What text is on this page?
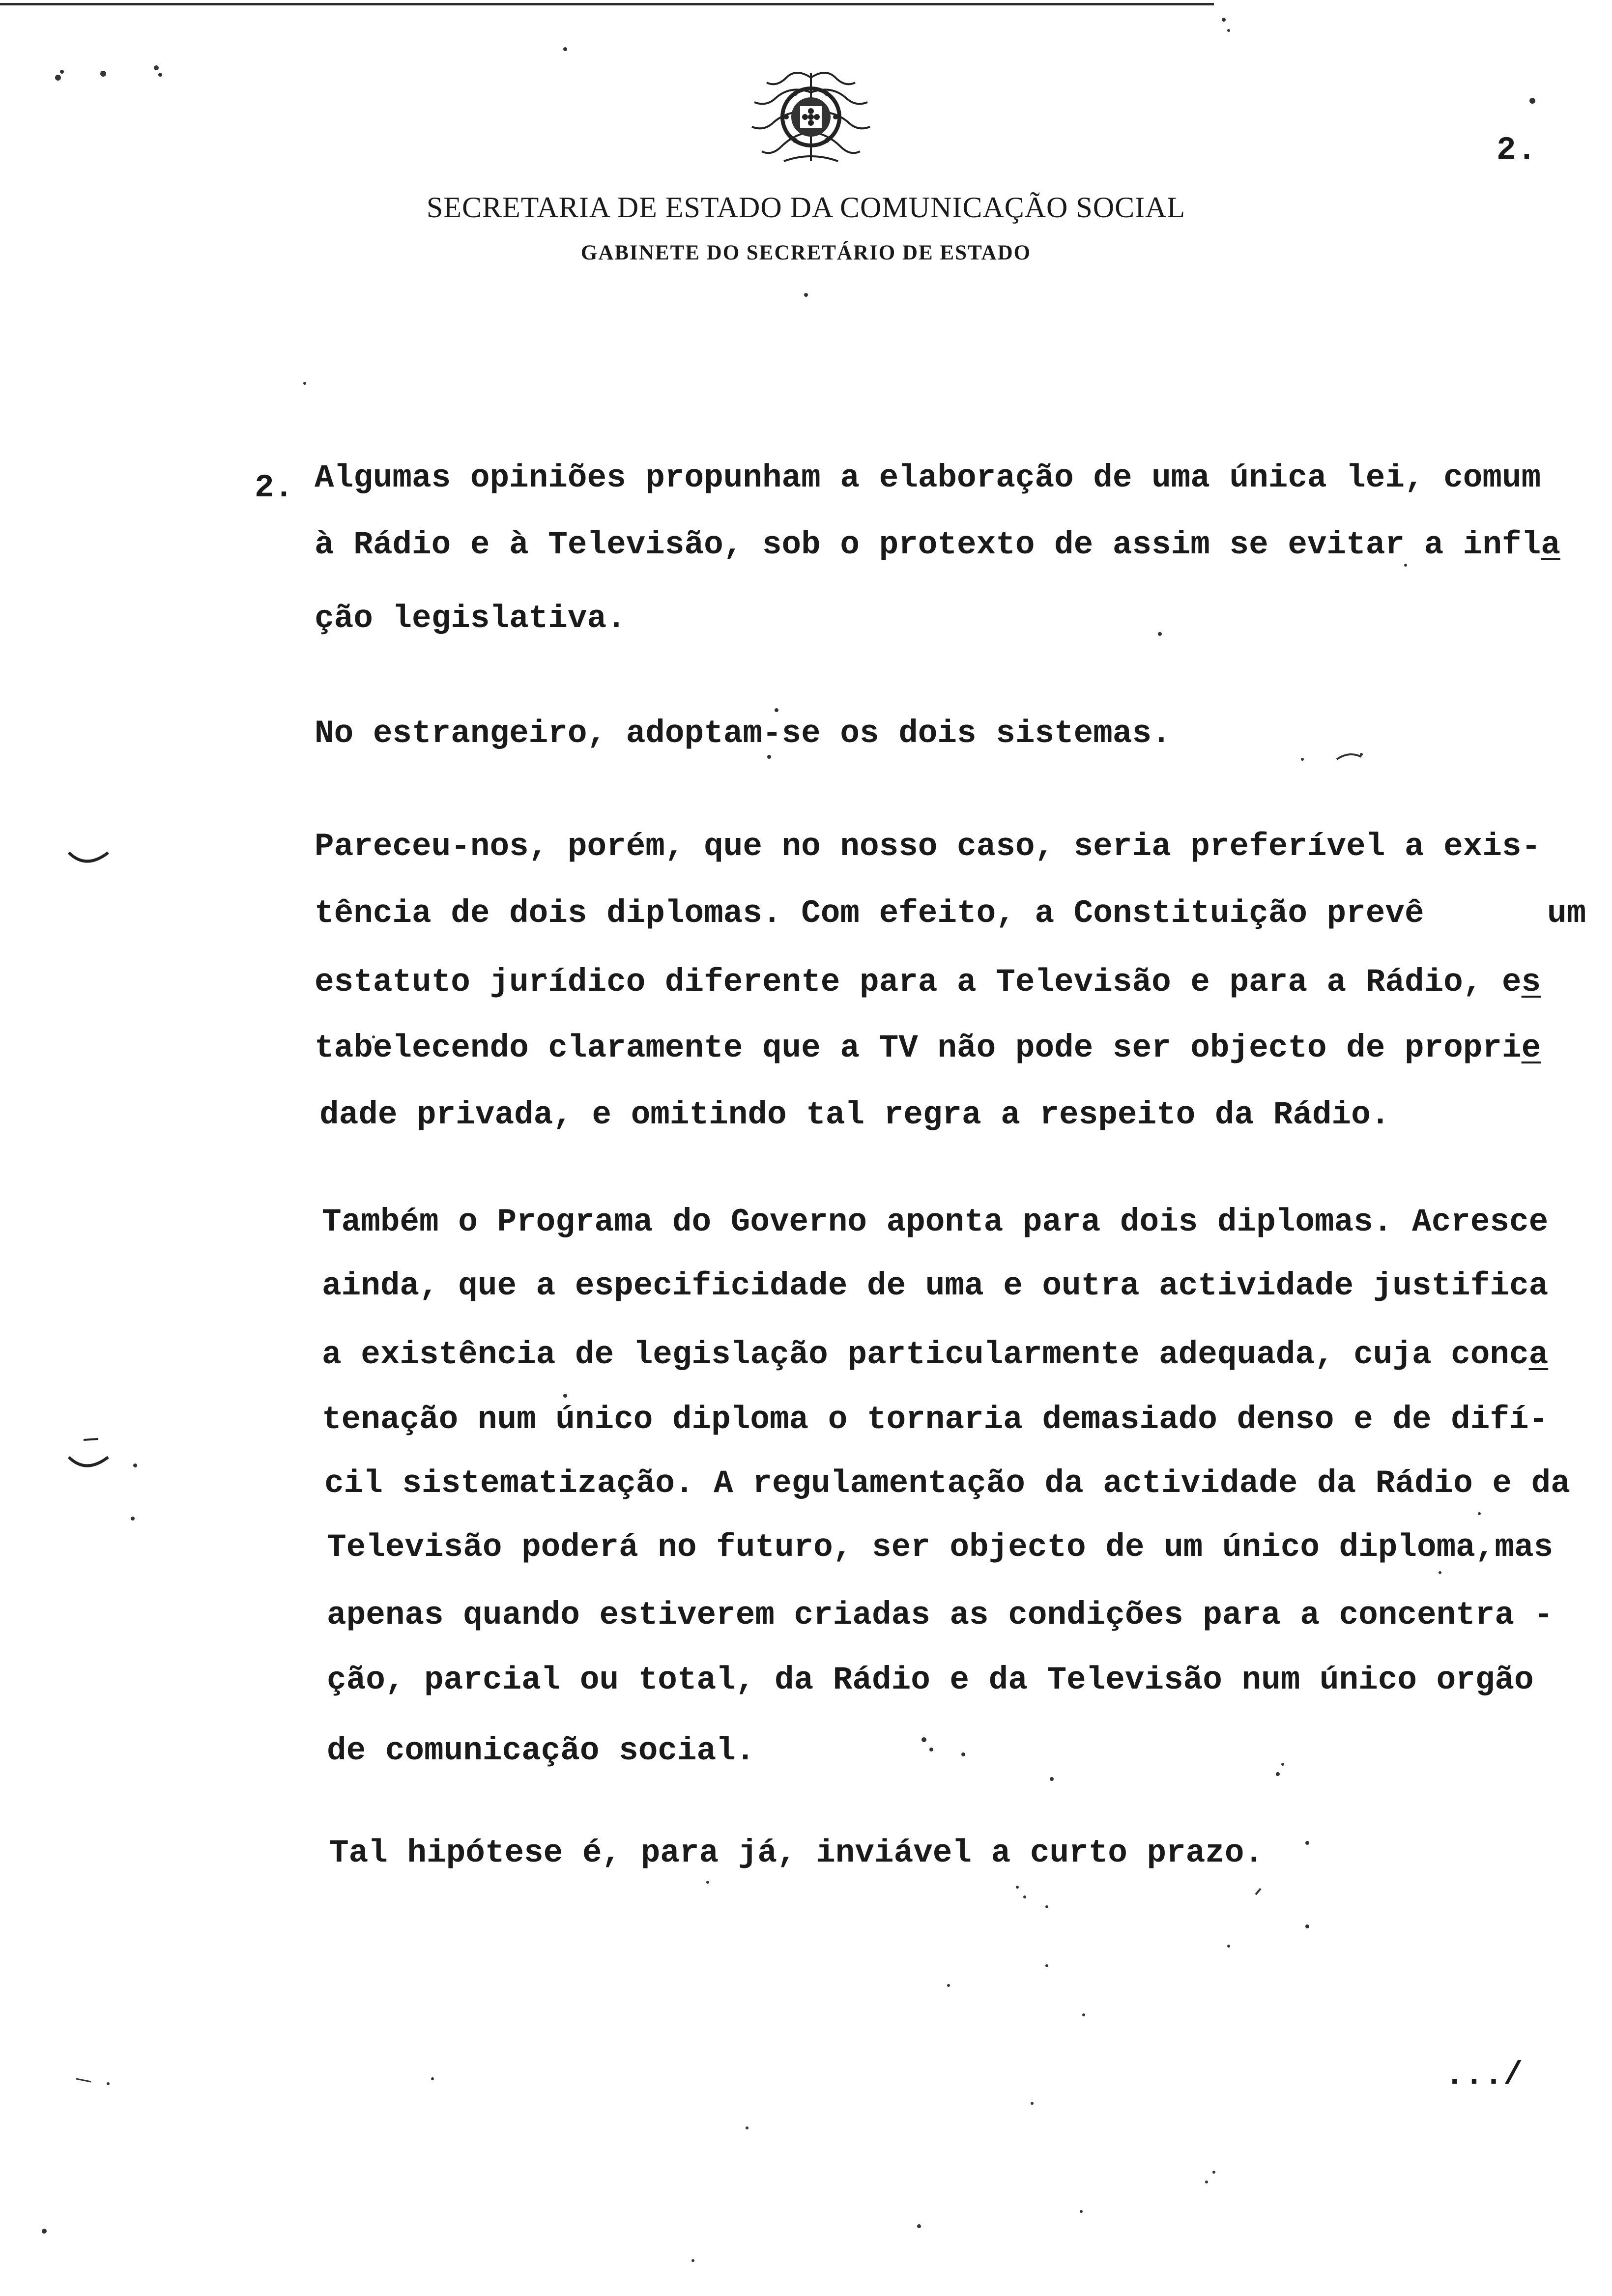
2.
SECRETARIA DE ESTADO DA COMUNICAÇÃO SOCIAL
GABINETE DO SECRETÁRIO DE ESTADO
2. Algumas opiniões propunham a elaboração de uma única lei, comum
à Rádio e à Televisão, sob o protexto de assim se evitar a infla
ção legislativa.
No estrangeiro, adoptam-se os dois sistemas.
Pareceu-nos, porém, que no nosso caso, seria preferível a exis-
tência de dois diplomas. Com efeito, a Constituição prevê	um
estatuto jurídico diferente para a Televisão e para a Rádio, es
tabelecendo claramente que a TV não pode ser objecto de proprie
dade privada, e omitindo tal regra a respeito da Rádio.
Também o Programa do Governo aponta para dois diplomas. Acresce
ainda, que a especificidade de uma e outra actividade justifica
a existência de legislação particularmente adequada, cuja conca
tenação num único diploma o tornaria demasiado denso e de difí-
cil sistematização. A regulamentação da actividade da Rádio e da
Televisão poderá no futuro, ser objecto de um único diploma,mas
apenas quando estiverem criadas as condições para a concentra -
ção, parcial ou total, da Rádio e da Televisão num único orgão
de comunicação social.
Tal hipótese é, para já, inviável a curto prazo.
.../
